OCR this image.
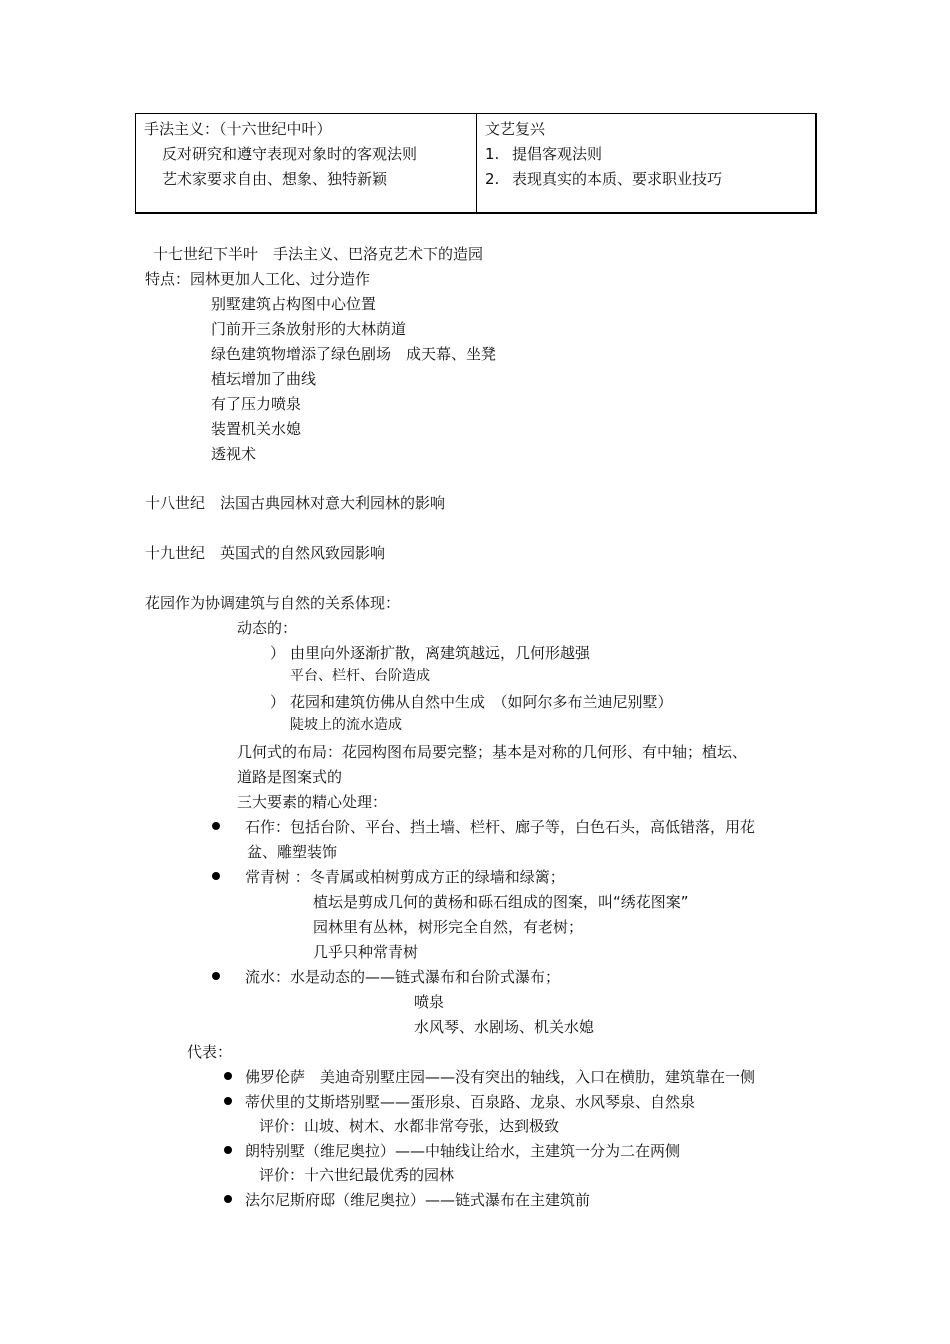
手法主义：（十六世纪中叶）
反对研究和遵守表现对象时的客观法则
艺术家要求自由、想象、独特新颖
文艺复兴
1. 提倡客观法则
2. 表现真实的本质、要求职业技巧
十七世纪下半叶　手法主义、巴洛克艺术下的造园
特点：园林更加人工化、过分造作
别墅建筑占构图中心位置
门前开三条放射形的大林荫道
绿色建筑物增添了绿色剧场　成天幕、坐凳
植坛增加了曲线
有了压力喷泉
装置机关水媳
透视术
十八世纪　法国古典园林对意大利园林的影响
十九世纪　英国式的自然风致园影响
花园作为协调建筑与自然的关系体现：
动态的：
） 由里向外逐渐扩散，离建筑越远，几何形越强
平台、栏杆、台阶造成
） 花园和建筑仿佛从自然中生成　（如阿尔多布兰迪尼别墅）
陡坡上的流水造成
几何式的布局：花园构图布局要完整；基本是对称的几何形、有中轴；植坛、
道路是图案式的
三大要素的精心处理：
石作：包括台阶、平台、挡土墙、栏杆、廊子等，白色石头，高低错落，用花
盆、雕塑装饰
常青树 ：冬青属或柏树剪成方正的绿墙和绿篱；
植坛是剪成几何的黄杨和砾石组成的图案，叫“绣花图案”
园林里有丛林，树形完全自然，有老树；
几乎只种常青树
流水：水是动态的——链式瀑布和台阶式瀑布；
喷泉
水风琴、水剧场、机关水媳
代表：
佛罗伦萨　美迪奇别墅庄园——没有突出的轴线，入口在横肋，建筑靠在一侧
蒂伏里的艾斯塔别墅——蛋形泉、百泉路、龙泉、水风琴泉、自然泉
评价：山坡、树木、水都非常夸张，达到极致
朗特别墅（维尼奥拉）——中轴线让给水，主建筑一分为二在两侧
评价：十六世纪最优秀的园林
法尔尼斯府邸（维尼奥拉）——链式瀑布在主建筑前
